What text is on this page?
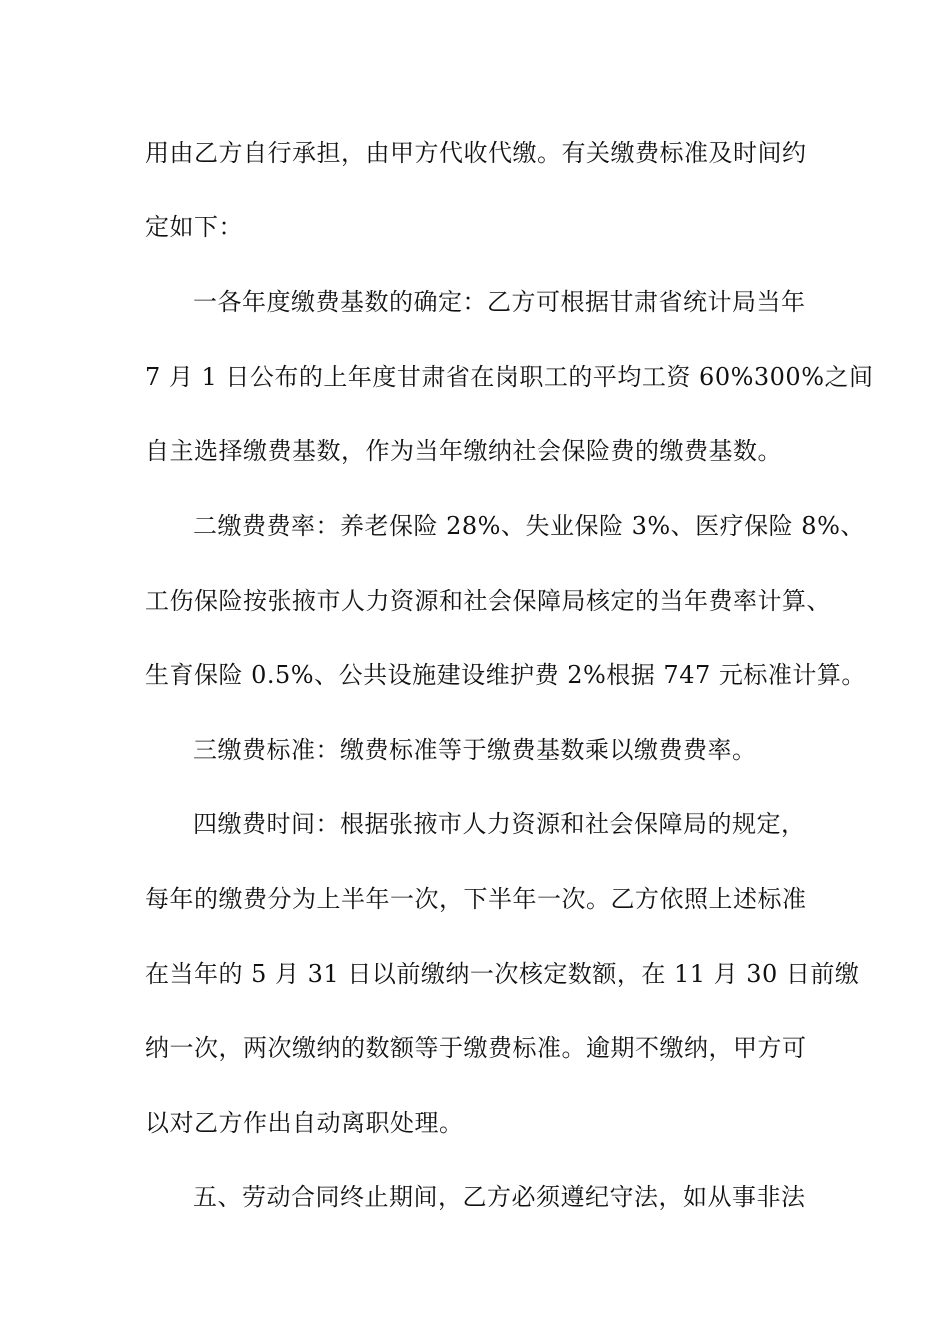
用由乙方自行承担，由甲方代收代缴。有关缴费标准及时间约
定如下：
一各年度缴费基数的确定：乙方可根据甘肃省统计局当年
7 月 1 日公布的上年度甘肃省在岗职工的平均工资 60%300%之间
自主选择缴费基数，作为当年缴纳社会保险费的缴费基数。
二缴费费率：养老保险 28%、失业保险 3%、医疗保险 8%、
工伤保险按张掖市人力资源和社会保障局核定的当年费率计算、
生育保险 0.5%、公共设施建设维护费 2%根据 747 元标准计算。
三缴费标准：缴费标准等于缴费基数乘以缴费费率。
四缴费时间：根据张掖市人力资源和社会保障局的规定，
每年的缴费分为上半年一次，下半年一次。乙方依照上述标准
在当年的 5 月 31 日以前缴纳一次核定数额，在 11 月 30 日前缴
纳一次，两次缴纳的数额等于缴费标准。逾期不缴纳，甲方可
以对乙方作出自动离职处理。
五、劳动合同终止期间，乙方必须遵纪守法，如从事非法
